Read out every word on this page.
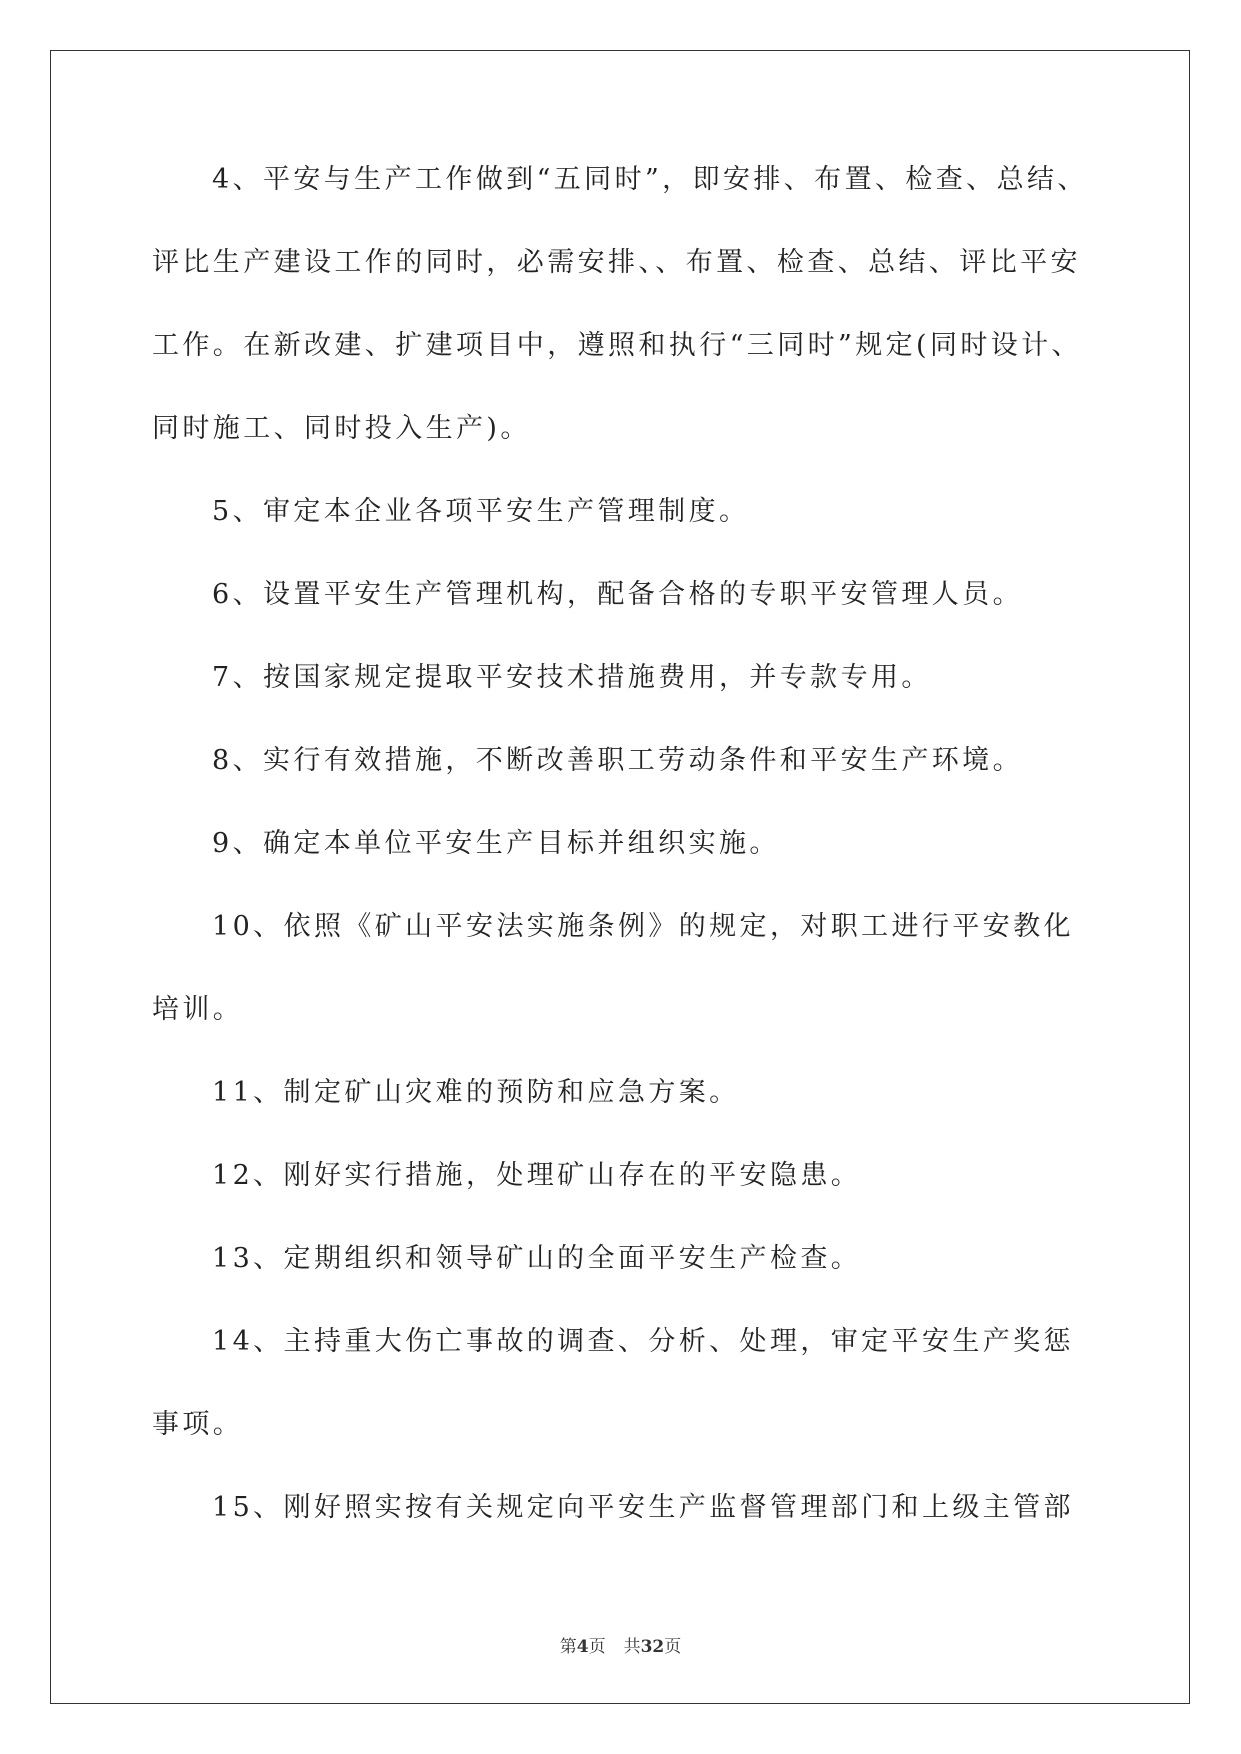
4、平安与生产工作做到“五同时”，即安排、布置、检查、总结、
评比生产建设工作的同时，必需安排、、布置、检查、总结、评比平安
工作。在新改建、扩建项目中，遵照和执行“三同时”规定(同时设计、
同时施工、同时投入生产)。
5、审定本企业各项平安生产管理制度。
6、设置平安生产管理机构，配备合格的专职平安管理人员。
7、按国家规定提取平安技术措施费用，并专款专用。
8、实行有效措施，不断改善职工劳动条件和平安生产环境。
9、确定本单位平安生产目标并组织实施。
10、依照《矿山平安法实施条例》的规定，对职工进行平安教化
培训。
11、制定矿山灾难的预防和应急方案。
12、刚好实行措施，处理矿山存在的平安隐患。
13、定期组织和领导矿山的全面平安生产检查。
14、主持重大伤亡事故的调查、分析、处理，审定平安生产奖惩
事项。
15、刚好照实按有关规定向平安生产监督管理部门和上级主管部
第4页 共32页
